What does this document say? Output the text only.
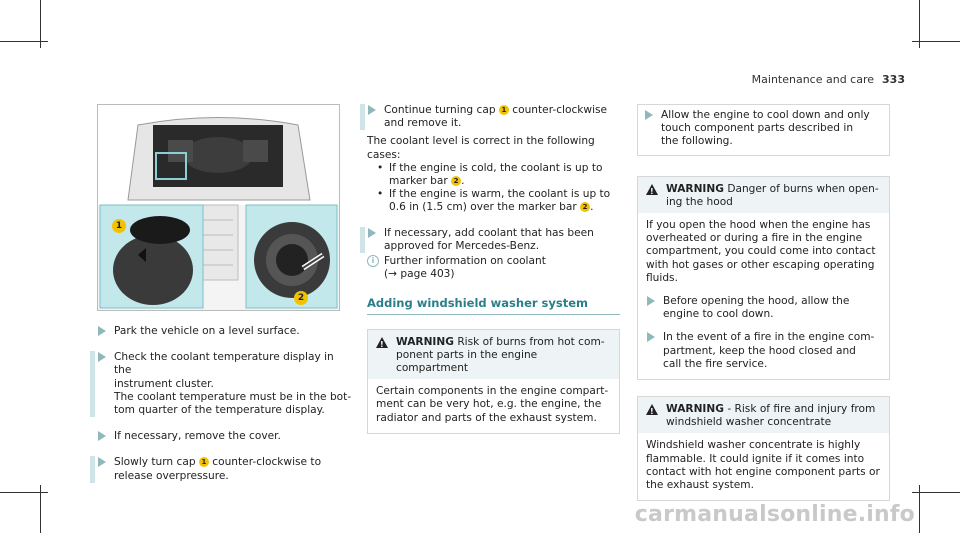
Maintenance and care 333
1
2
Park the vehicle on a level surface.
Check the coolant temperature display in the
instrument cluster.
The coolant temperature must be in the bot-
tom quarter of the temperature display.
If necessary, remove the cover.
Slowly turn cap 1 counter-clockwise to
release overpressure.
Continue turning cap 1 counter-clockwise
and remove it.
The coolant level is correct in the following
cases:
• If the engine is cold, the coolant is up to
marker bar 2 .
• If the engine is warm, the coolant is up to
0.6 in (1.5 cm) over the marker bar 2 .
If necessary, add coolant that has been
approved for Mercedes-Benz.
i Further information on coolant
(→ page 403)
Adding windshield washer system
!
WARNING Risk of burns from hot com-
ponent parts in the engine compartment
Certain components in the engine compart-
ment can be very hot, e.g. the engine, the
radiator and parts of the exhaust system.
Allow the engine to cool down and only
touch component parts described in
the following.
!
WARNING Danger of burns when open-
ing the hood
If you open the hood when the engine has
overheated or during a fire in the engine
compartment, you could come into contact
with hot gases or other escaping operating
fluids.
Before opening the hood, allow the
engine to cool down.
In the event of a fire in the engine com-
partment, keep the hood closed and
call the fire service.
!
WARNING - Risk of fire and injury from
windshield washer concentrate
Windshield washer concentrate is highly
flammable. It could ignite if it comes into
contact with hot engine component parts or
the exhaust system.
carmanualsonline.info
